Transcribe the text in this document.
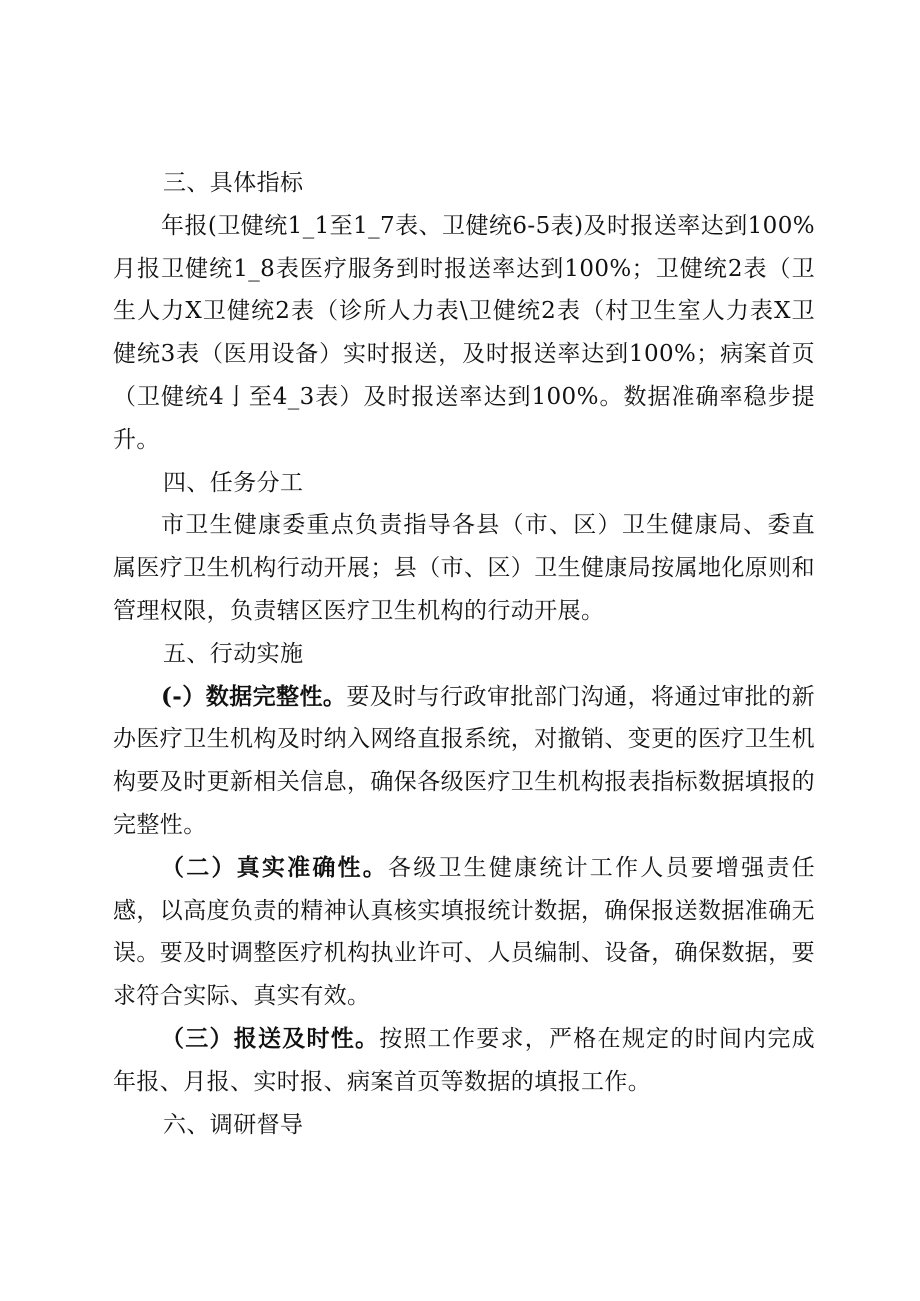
三、具体指标

年报(卫健统1_1至1_7表、卫健统6-5表)及时报送率达到100%月报卫健统1_8表医疗服务到时报送率达到100%；卫健统2表（卫生人力X卫健统2表（诊所人力表\卫健统2表（村卫生室人力表X卫健统3表（医用设备）实时报送，及时报送率达到100%；病案首页（卫健统4亅至4_3表）及时报送率达到100%。数据准确率稳步提升。

四、任务分工

市卫生健康委重点负责指导各县（市、区）卫生健康局、委直属医疗卫生机构行动开展；县（市、区）卫生健康局按属地化原则和管理权限，负责辖区医疗卫生机构的行动开展。

五、行动实施

(-）数据完整性。要及时与行政审批部门沟通，将通过审批的新办医疗卫生机构及时纳入网络直报系统，对撤销、变更的医疗卫生机构要及时更新相关信息，确保各级医疗卫生机构报表指标数据填报的完整性。

（二）真实准确性。各级卫生健康统计工作人员要增强责任感，以高度负责的精神认真核实填报统计数据，确保报送数据准确无误。要及时调整医疗机构执业许可、人员编制、设备，确保数据，要求符合实际、真实有效。

（三）报送及时性。按照工作要求，严格在规定的时间内完成年报、月报、实时报、病案首页等数据的填报工作。

六、调研督导
